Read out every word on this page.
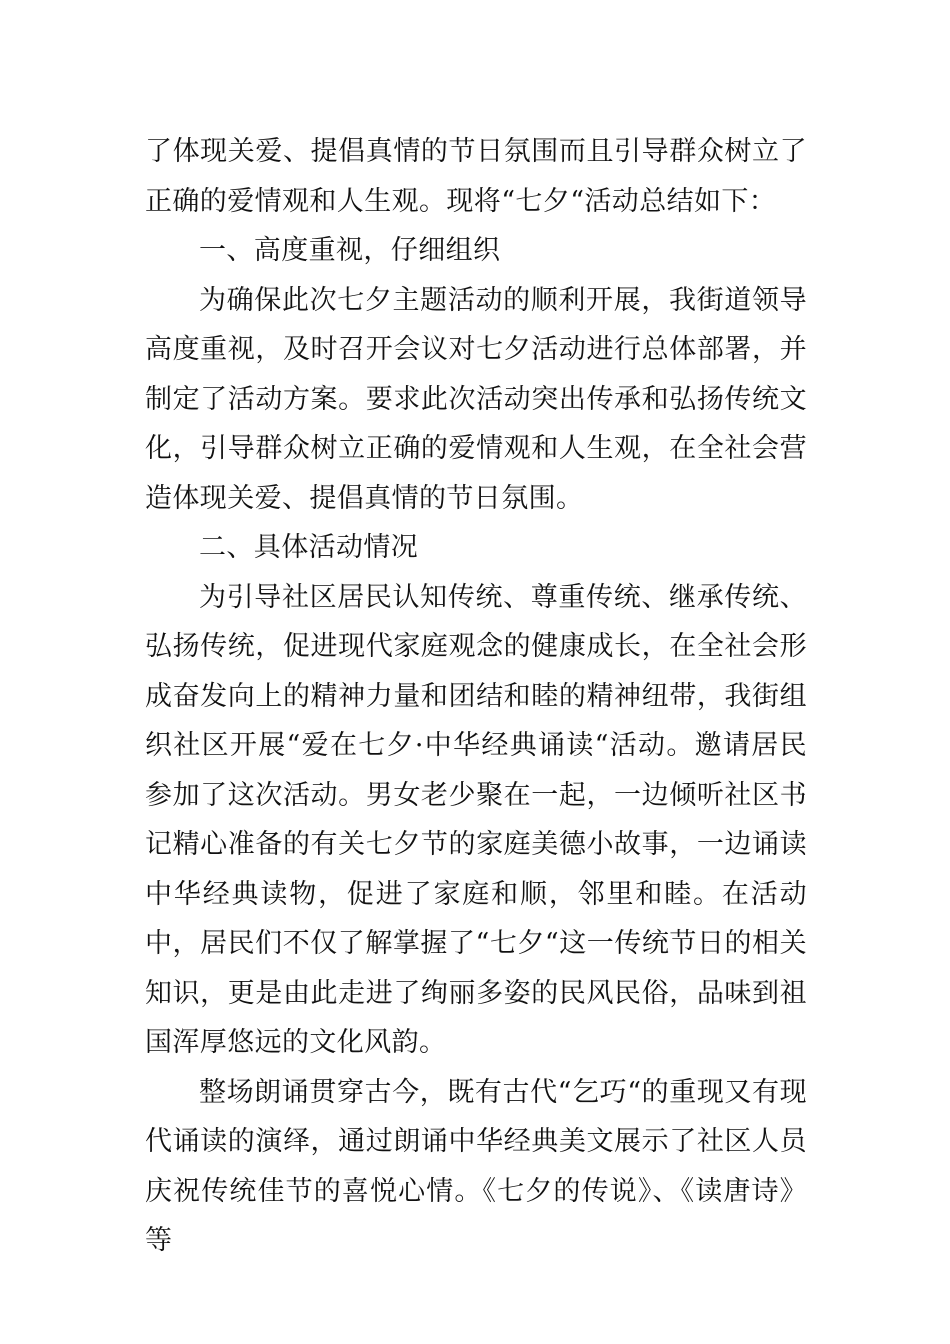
了体现关爱、提倡真情的节日氛围而且引导群众树立了正确的爱情观和人生观。现将“七夕“活动总结如下：

一、高度重视，仔细组织

为确保此次七夕主题活动的顺利开展，我街道领导高度重视，及时召开会议对七夕活动进行总体部署，并制定了活动方案。要求此次活动突出传承和弘扬传统文化，引导群众树立正确的爱情观和人生观，在全社会营造体现关爱、提倡真情的节日氛围。

二、具体活动情况

为引导社区居民认知传统、尊重传统、继承传统、弘扬传统，促进现代家庭观念的健康成长，在全社会形成奋发向上的精神力量和团结和睦的精神纽带，我街组织社区开展“爱在七夕·中华经典诵读“活动。邀请居民参加了这次活动。男女老少聚在一起，一边倾听社区书记精心准备的有关七夕节的家庭美德小故事，一边诵读中华经典读物，促进了家庭和顺，邻里和睦。在活动中，居民们不仅了解掌握了“七夕“这一传统节日的相关知识，更是由此走进了绚丽多姿的民风民俗，品味到祖国浑厚悠远的文化风韵。

整场朗诵贯穿古今，既有古代“乞巧“的重现又有现代诵读的演绎，通过朗诵中华经典美文展示了社区人员庆祝传统佳节的喜悦心情。《七夕的传说》、《读唐诗》等
